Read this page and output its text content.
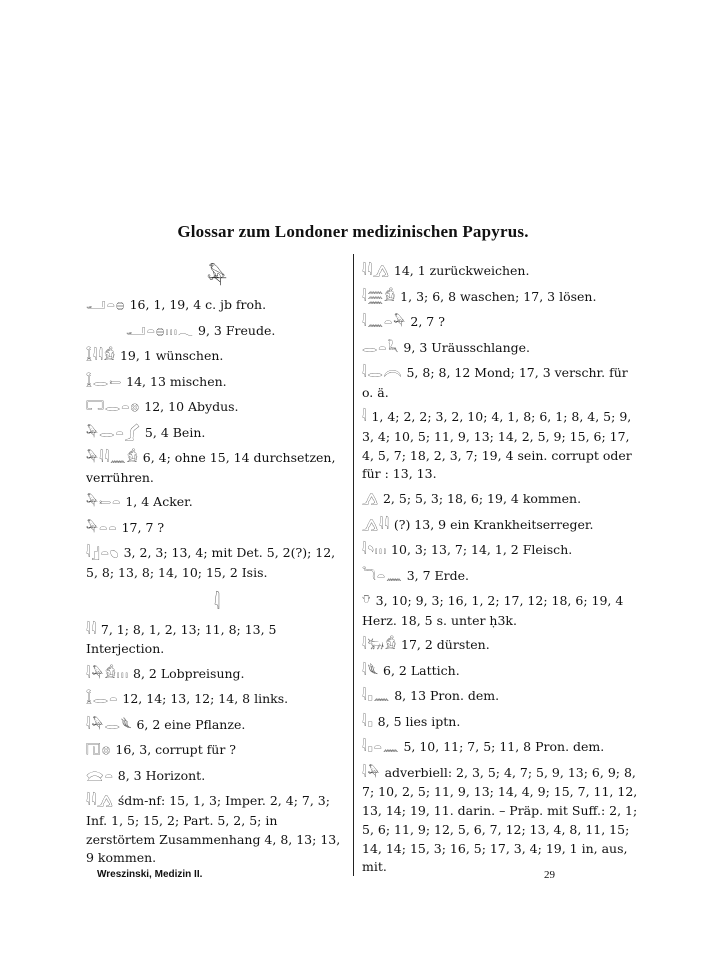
Glossar zum Londoner medizinischen Papyrus.
𓅆
𓂝𓏏𓐍 16, 1, 19, 4 c. jb froh.
𓂝𓏏𓐍𓏥𓂃 9, 3 Freude.
𓆼𓇋𓇋𓀁 19, 1 wünschen.
𓆼𓂋𓍿 14, 13 mischen.
𓉐𓂋𓏏𓊖 12, 10 Abydus.
𓅆𓂋𓏏𓂾 5, 4 Bein.
𓅆𓇋𓇋𓈖𓀁 6, 4; ohne 15, 14 durchsetzen, verrühren.
𓅆𓍿𓏏 1, 4 Acker.
𓅆𓏏𓏏 17, 7 ?
𓇋𓊨𓏏𓆇 3, 2, 3; 13, 4; mit Det. 5, 2(?); 12, 5, 8; 13, 8; 14, 10; 15, 2 Isis.
𓇋
𓇋𓇋 7, 1; 8, 1, 2, 13; 11, 8; 13, 5 Interjection.
𓇋𓅆𓀁𓏥 8, 2 Lobpreisung.
𓆼𓂋𓏏 12, 14; 13, 12; 14, 8 links.
𓇋𓅆𓂋𓆰 6, 2 eine Pflanze.
𓉔𓊖 16, 3, corrupt für ?
𓈍𓏏 8, 3 Horizont.
𓇋𓇋𓂻 śdm-nf: 15, 1, 3; Imper. 2, 4; 7, 3; Inf. 1, 5; 15, 2; Part. 5, 2, 5; in zerstörtem Zusammenhang 4, 8, 13; 13, 9 kommen.
𓇋𓇋𓂻 14, 1 zurückweichen.
𓇋𓈗𓀁 1, 3; 6, 8 waschen; 17, 3 lösen.
𓇋𓈖𓏏𓅆 2, 7 ?
𓂋𓏏𓆗 9, 3 Uräusschlange.
𓇋𓂋𓇹 5, 8; 8, 12 Mond; 17, 3 verschr. für o. ä.
𓇋 1, 4; 2, 2; 3, 2, 10; 4, 1, 8; 6, 1; 8, 4, 5; 9, 3, 4; 10, 5; 11, 9, 13; 14, 2, 5, 9; 15, 6; 17, 4, 5, 7; 18, 2, 3, 7; 19, 4 sein. corrupt oder für : 13, 13.
𓂻 2, 5; 5, 3; 18, 6; 19, 4 kommen.
𓂻𓇋𓇋 (?) 13, 9 ein Krankheitserreger.
𓇋𓄹𓏥 10, 3; 13, 7; 14, 1, 2 Fleisch.
𓆓𓏏𓈖 3, 7 Erde.
𓄣 3, 10; 9, 3; 16, 1, 2; 17, 12; 18, 6; 19, 4 Herz. 18, 5 s. unter ḥ3k.
𓇋𓃒𓀁 17, 2 dürsten.
𓇋𓆰 6, 2 Lattich.
𓇋𓊪𓈖 8, 13 Pron. dem.
𓇋𓊪 8, 5 lies iptn.
𓇋𓊪𓏏𓈖 5, 10, 11; 7, 5; 11, 8 Pron. dem.
𓇋𓅆 adverbiell: 2, 3, 5; 4, 7; 5, 9, 13; 6, 9; 8, 7; 10, 2, 5; 11, 9, 13; 14, 4, 9; 15, 7, 11, 12, 13, 14; 19, 11. darin. – Präp. mit Suff.: 2, 1; 5, 6; 11, 9; 12, 5, 6, 7, 12; 13, 4, 8, 11, 15; 14, 14; 15, 3; 16, 5; 17, 3, 4; 19, 1 in, aus, mit.
Wreszinski, Medizin II.	29
